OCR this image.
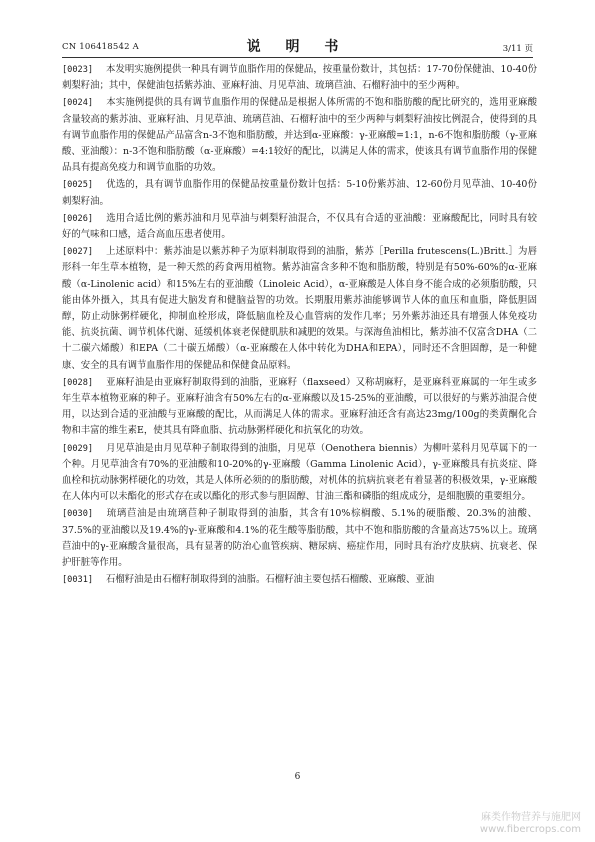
CN 106418542 A	说 明 书	3/11 页

[0023] 本发明实施例提供一种具有调节血脂作用的保健品，按重量份数计，其包括：17-70份保健油、10-40份刺梨籽油；其中，保健油包括紫苏油、亚麻籽油、月见草油、琉璃苣油、石榴籽油中的至少两种。

[0024] 本实施例提供的具有调节血脂作用的保健品是根据人体所需的不饱和脂肪酸的配比研究的，选用亚麻酸含量较高的紫苏油、亚麻籽油、月见草油、琉璃苣油、石榴籽油中的至少两种与刺梨籽油按比例混合，使得到的具有调节血脂作用的保健品产品富含n-3不饱和脂肪酸，并达到α-亚麻酸：γ-亚麻酸=1:1，n-6不饱和脂肪酸（γ-亚麻酸、亚油酸）：n-3不饱和脂肪酸（α-亚麻酸）=4:1较好的配比，以满足人体的需求，使该具有调节血脂作用的保健品具有提高免疫力和调节血脂的功效。

[0025] 优选的，具有调节血脂作用的保健品按重量份数计包括：5-10份紫苏油、12-60份月见草油、10-40份刺梨籽油。

[0026] 选用合适比例的紫苏油和月见草油与刺梨籽油混合，不仅具有合适的亚油酸：亚麻酸配比，同时具有较好的气味和口感，适合高血压患者使用。

[0027] 上述原料中：紫苏油是以紫苏种子为原料制取得到的油脂，紫苏［Perilla frutescens(L.)Britt.］为唇形科一年生草本植物，是一种天然的药食两用植物。紫苏油富含多种不饱和脂肪酸，特别是有50%-60%的α-亚麻酸（α-Linolenic acid）和15%左右的亚油酸（Linoleic Acid），α-亚麻酸是人体自身不能合成的必须脂肪酸，只能由体外摄入，其具有促进大脑发育和健脑益智的功效。长期服用紫苏油能够调节人体的血压和血脂，降低胆固醇，防止动脉粥样硬化，抑制血栓形成，降低脑血栓及心血管病的发作几率；另外紫苏油还具有增强人体免疫功能、抗炎抗菌、调节机体代谢、延缓机体衰老保健肌肤和减肥的效果。与深海鱼油相比，紫苏油不仅富含DHA（二十二碳六烯酸）和EPA（二十碳五烯酸）（α-亚麻酸在人体中转化为DHA和EPA），同时还不含胆固醇，是一种健康、安全的具有调节血脂作用的保健品和保健食品原料。

[0028] 亚麻籽油是由亚麻籽制取得到的油脂，亚麻籽（flaxseed）又称胡麻籽，是亚麻科亚麻属的一年生或多年生草本植物亚麻的种子。亚麻籽油含有50%左右的α-亚麻酸以及15-25%的亚油酸，可以很好的与紫苏油混合使用，以达到合适的亚油酸与亚麻酸的配比，从而满足人体的需求。亚麻籽油还含有高达23mg/100g的类黄酮化合物和丰富的维生素E，使其具有降血脂、抗动脉粥样硬化和抗氧化的功效。

[0029] 月见草油是由月见草种子制取得到的油脂，月见草（Oenothera biennis）为柳叶菜科月见草属下的一个种。月见草油含有70%的亚油酸和10-20%的γ-亚麻酸（Gamma Linolenic Acid），γ-亚麻酸具有抗炎症、降血栓和抗动脉粥样硬化的功效，其是人体所必须的的脂肪酸，对机体的抗病抗衰老有着显著的积极效果，γ-亚麻酸在人体内可以未酯化的形式存在或以酯化的形式参与胆固醇、甘油三酯和磷脂的组成成分，是细胞膜的重要组分。

[0030] 琉璃苣油是由琉璃苣种子制取得到的油脂，其含有10%棕榈酸、5.1%的硬脂酸、20.3%的油酸、37.5%的亚油酸以及19.4%的γ-亚麻酸和4.1%的花生酸等脂肪酸，其中不饱和脂肪酸的含量高达75%以上。琉璃苣油中的γ-亚麻酸含量很高，具有显著的防治心血管疾病、糖尿病、癌症作用，同时具有治疗皮肤病、抗衰老、保护肝脏等作用。

[0031] 石榴籽油是由石榴籽制取得到的油脂。石榴籽油主要包括石榴酸、亚麻酸、亚油

6
麻类作物营养与施肥网
www.fibercrops.com
